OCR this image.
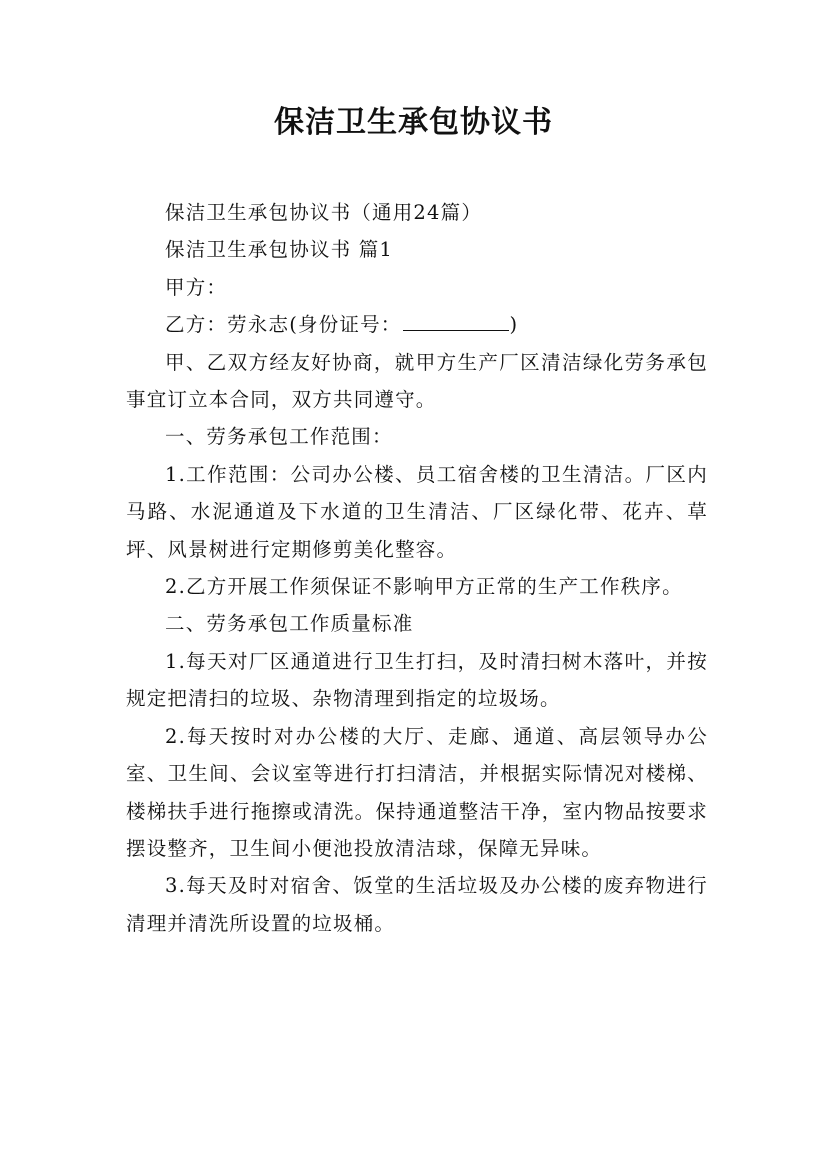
保洁卫生承包协议书

保洁卫生承包协议书（通用24篇）

保洁卫生承包协议书 篇1

甲方：

乙方：劳永志(身份证号：	)

甲、乙双方经友好协商，就甲方生产厂区清洁绿化劳务承包事宜订立本合同，双方共同遵守。

一、劳务承包工作范围：

1.工作范围：公司办公楼、员工宿舍楼的卫生清洁。厂区内马路、水泥通道及下水道的卫生清洁、厂区绿化带、花卉、草坪、风景树进行定期修剪美化整容。

2.乙方开展工作须保证不影响甲方正常的生产工作秩序。

二、劳务承包工作质量标准

1.每天对厂区通道进行卫生打扫，及时清扫树木落叶，并按规定把清扫的垃圾、杂物清理到指定的垃圾场。

2.每天按时对办公楼的大厅、走廊、通道、高层领导办公室、卫生间、会议室等进行打扫清洁，并根据实际情况对楼梯、楼梯扶手进行拖擦或清洗。保持通道整洁干净，室内物品按要求摆设整齐，卫生间小便池投放清洁球，保障无异味。

3.每天及时对宿舍、饭堂的生活垃圾及办公楼的废弃物进行清理并清洗所设置的垃圾桶。
